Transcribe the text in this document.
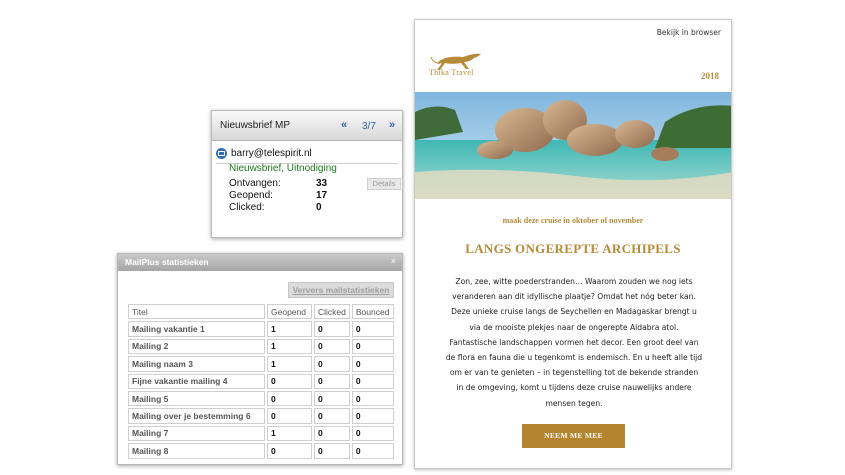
Bekijk in browser
Thika Travel	2018
maak deze cruise in oktober of november
LANGS ONGEREPTE ARCHIPELS
Zon, zee, witte poederstranden… Waarom zouden we nog iets
veranderen aan dit idyllische plaatje? Omdat het nóg beter kan.
Deze unieke cruise langs de Seychellen en Madagaskar brengt u
via de mooiste plekjes naar de ongerepte Aldabra atol.
Fantastische landschappen vormen het decor. Een groot deel van
de flora en fauna die u tegenkomt is endemisch. En u heeft alle tijd
om er van te genieten – in tegenstelling tot de bekende stranden
in de omgeving, komt u tijdens deze cruise nauwelijks andere
mensen tegen.
NEEM ME MEE
Nieuwsbrief MP	« 3/7 »
barry@telespirit.nl
Nieuwsbrief, Uitnodiging
Ontvangen:	33
Geopend:	17
Clicked:	0
Details
MailPlus statistieken	×
Ververs mailstatistieken
Titel	Geopend	Clicked	Bounced
Mailing vakantie 1	1	0	0
Mailing 2	1	0	0
Mailing naam 3	1	0	0
Fijne vakantie mailing 4	0	0	0
Mailing 5	0	0	0
Mailing over je bestemming 6	0	0	0
Mailing 7	1	0	0
Mailing 8	0	0	0
